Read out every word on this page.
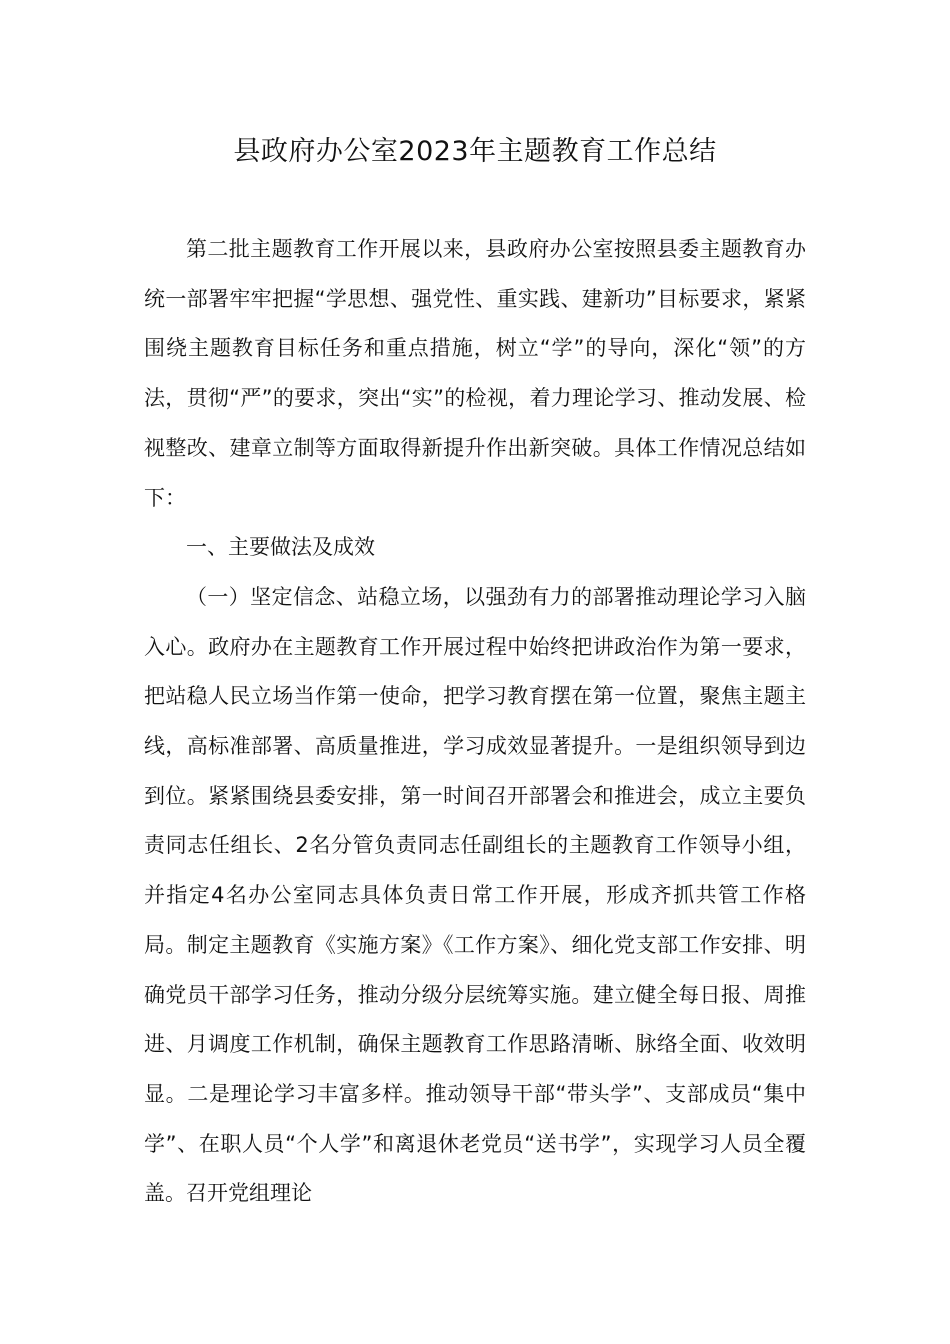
县政府办公室2023年主题教育工作总结

第二批主题教育工作开展以来，县政府办公室按照县委主题教育办统一部署牢牢把握“学思想、强党性、重实践、建新功”目标要求，紧紧围绕主题教育目标任务和重点措施，树立“学”的导向，深化“领”的方法，贯彻“严”的要求，突出“实”的检视，着力理论学习、推动发展、检视整改、建章立制等方面取得新提升作出新突破。具体工作情况总结如下：

一、主要做法及成效

（一）坚定信念、站稳立场，以强劲有力的部署推动理论学习入脑入心。政府办在主题教育工作开展过程中始终把讲政治作为第一要求，把站稳人民立场当作第一使命，把学习教育摆在第一位置，聚焦主题主线，高标准部署、高质量推进，学习成效显著提升。一是组织领导到边到位。紧紧围绕县委安排，第一时间召开部署会和推进会，成立主要负责同志任组长、2名分管负责同志任副组长的主题教育工作领导小组，并指定4名办公室同志具体负责日常工作开展，形成齐抓共管工作格局。制定主题教育《实施方案》《工作方案》、细化党支部工作安排、明确党员干部学习任务，推动分级分层统筹实施。建立健全每日报、周推进、月调度工作机制，确保主题教育工作思路清晰、脉络全面、收效明显。二是理论学习丰富多样。推动领导干部“带头学”、支部成员“集中学”、在职人员“个人学”和离退休老党员“送书学”，实现学习人员全覆盖。召开党组理论
